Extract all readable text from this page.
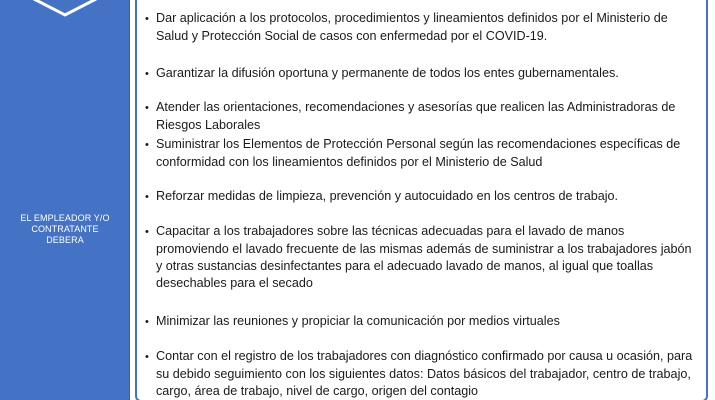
EL EMPLEADOR Y/O
CONTRATANTE
DEBERA
• Dar aplicación a los protocolos, procedimientos y lineamientos definidos por el Ministerio de Salud y Protección Social de casos con enfermedad por el COVID-19.
• Garantizar la difusión oportuna y permanente de todos los entes gubernamentales.
• Atender las orientaciones, recomendaciones y asesorías que realicen las Administradoras de Riesgos Laborales
• Suministrar los Elementos de Protección Personal según las recomendaciones específicas de conformidad con los lineamientos definidos por el Ministerio de Salud
• Reforzar medidas de limpieza, prevención y autocuidado en los centros de trabajo.
• Capacitar a los trabajadores sobre las técnicas adecuadas para el lavado de manos promoviendo el lavado frecuente de las mismas además de suministrar a los trabajadores jabón y otras sustancias desinfectantes para el adecuado lavado de manos, al igual que toallas desechables para el secado
• Minimizar las reuniones y propiciar la comunicación por medios virtuales
• Contar con el registro de los trabajadores con diagnóstico confirmado por causa u ocasión, para su debido seguimiento con los siguientes datos: Datos básicos del trabajador, centro de trabajo, cargo, área de trabajo, nivel de cargo, origen del contagio
